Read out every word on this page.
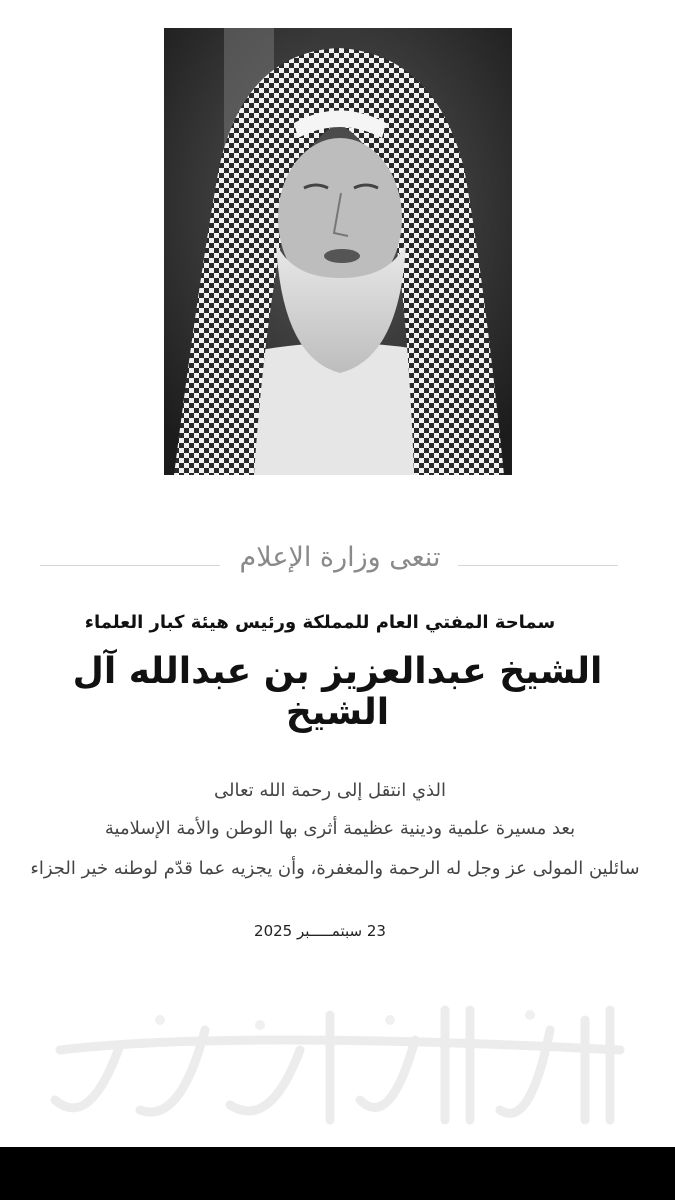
تنعى وزارة الإعلام
سماحة المفتي العام للمملكة ورئيس هيئة كبار العلماء
الشيخ عبدالعزيز بن عبدالله آل الشيخ
الذي انتقل إلى رحمة الله تعالى
بعد مسيرة علمية ودينية عظيمة أثرى بها الوطن والأمة الإسلامية
سائلين المولى عز وجل له الرحمة والمغفرة، وأن يجزيه عما قدّم لوطنه خير الجزاء
23 سبتمـــــبر 2025
